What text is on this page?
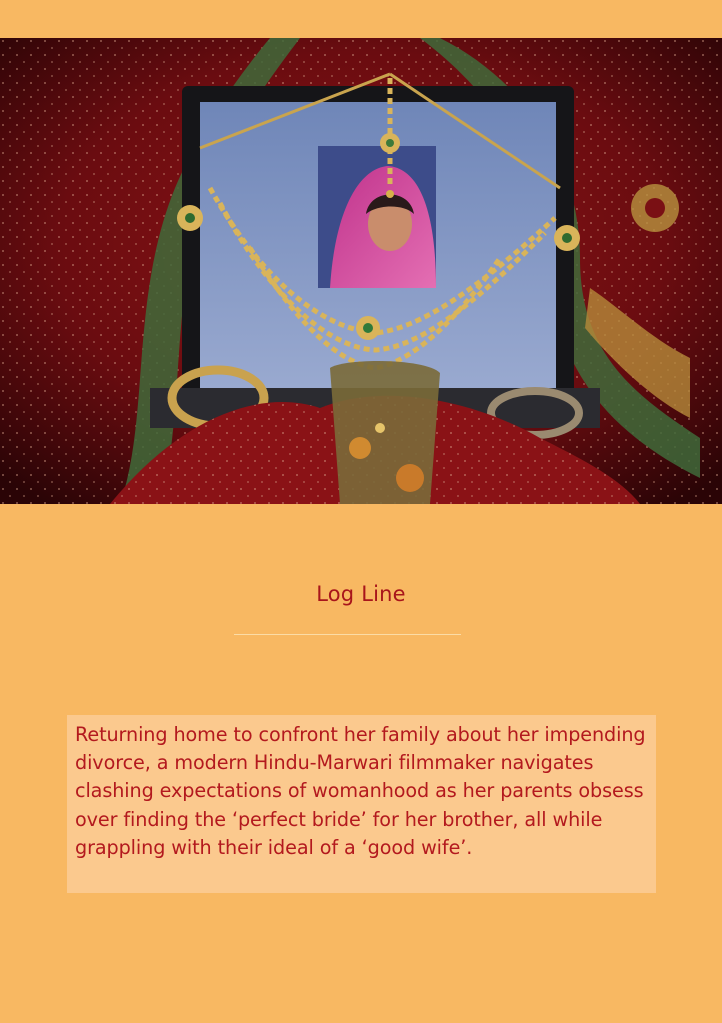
Log Line

Returning home to confront her family about her impending divorce, a modern Hindu-Marwari filmmaker navigates clashing expectations of womanhood as her parents obsess over finding the ‘perfect bride’ for her brother, all while grappling with their ideal of a ‘good wife’.
